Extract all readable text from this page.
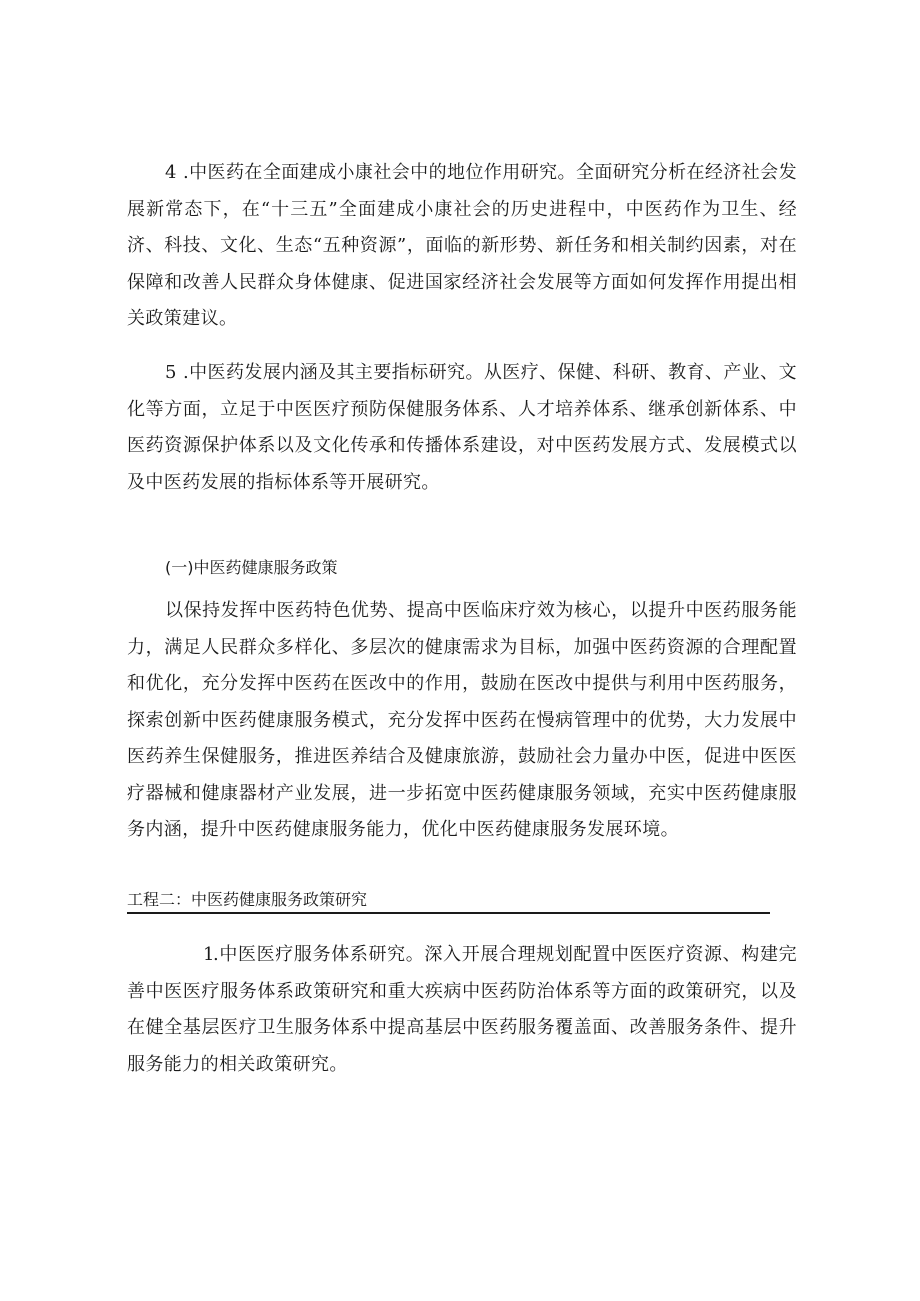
4 .中医药在全面建成小康社会中的地位作用研究。全面研究分析在经济社会发展新常态下，在“十三五”全面建成小康社会的历史进程中，中医药作为卫生、经济、科技、文化、生态“五种资源”，面临的新形势、新任务和相关制约因素，对在保障和改善人民群众身体健康、促进国家经济社会发展等方面如何发挥作用提出相关政策建议。

5 .中医药发展内涵及其主要指标研究。从医疗、保健、科研、教育、产业、文化等方面，立足于中医医疗预防保健服务体系、人才培养体系、继承创新体系、中医药资源保护体系以及文化传承和传播体系建设，对中医药发展方式、发展模式以及中医药发展的指标体系等开展研究。

(一)中医药健康服务政策

以保持发挥中医药特色优势、提高中医临床疗效为核心，以提升中医药服务能力，满足人民群众多样化、多层次的健康需求为目标，加强中医药资源的合理配置和优化，充分发挥中医药在医改中的作用，鼓励在医改中提供与利用中医药服务，探索创新中医药健康服务模式，充分发挥中医药在慢病管理中的优势，大力发展中医药养生保健服务，推进医养结合及健康旅游，鼓励社会力量办中医，促进中医医疗器械和健康器材产业发展，进一步拓宽中医药健康服务领域，充实中医药健康服务内涵，提升中医药健康服务能力，优化中医药健康服务发展环境。

工程二：中医药健康服务政策研究

1.中医医疗服务体系研究。深入开展合理规划配置中医医疗资源、构建完善中医医疗服务体系政策研究和重大疾病中医药防治体系等方面的政策研究，以及在健全基层医疗卫生服务体系中提高基层中医药服务覆盖面、改善服务条件、提升服务能力的相关政策研究。
